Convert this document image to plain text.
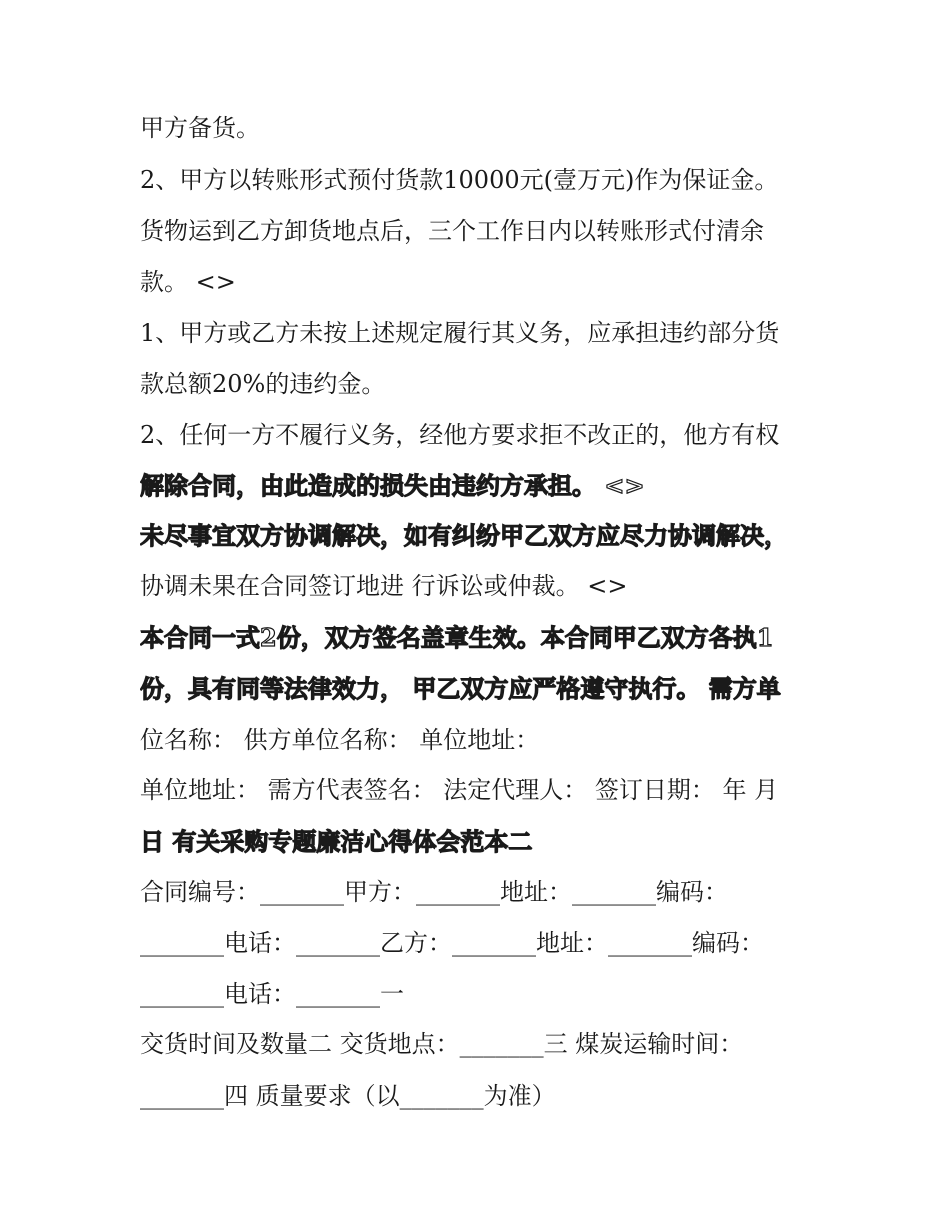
甲方备货。
2、甲方以转账形式预付货款10000元(壹万元)作为保证金。
货物运到乙方卸货地点后，三个工作日内以转账形式付清余
款。 <>
1、甲方或乙方未按上述规定履行其义务，应承担违约部分货
款总额20%的违约金。
2、任何一方不履行义务，经他方要求拒不改正的，他方有权
解除合同，由此造成的损失由违约方承担。 <>
未尽事宜双方协调解决，如有纠纷甲乙双方应尽力协调解决，
协调未果在合同签订地进 行诉讼或仲裁。 <>
本合同一式2份，双方签名盖章生效。本合同甲乙双方各执1
份，具有同等法律效力， 甲乙双方应严格遵守执行。 需方单
位名称： 供方单位名称： 单位地址：
单位地址： 需方代表签名： 法定代理人： 签订日期： 年 月
日 有关采购专题廉洁心得体会范本二
合同编号：_______甲方：_______地址：_______编码：
_______电话：_______乙方：_______地址：_______编码：
_______电话：_______一
交货时间及数量二 交货地点：_______三 煤炭运输时间：
_______四 质量要求（以_______为准）
